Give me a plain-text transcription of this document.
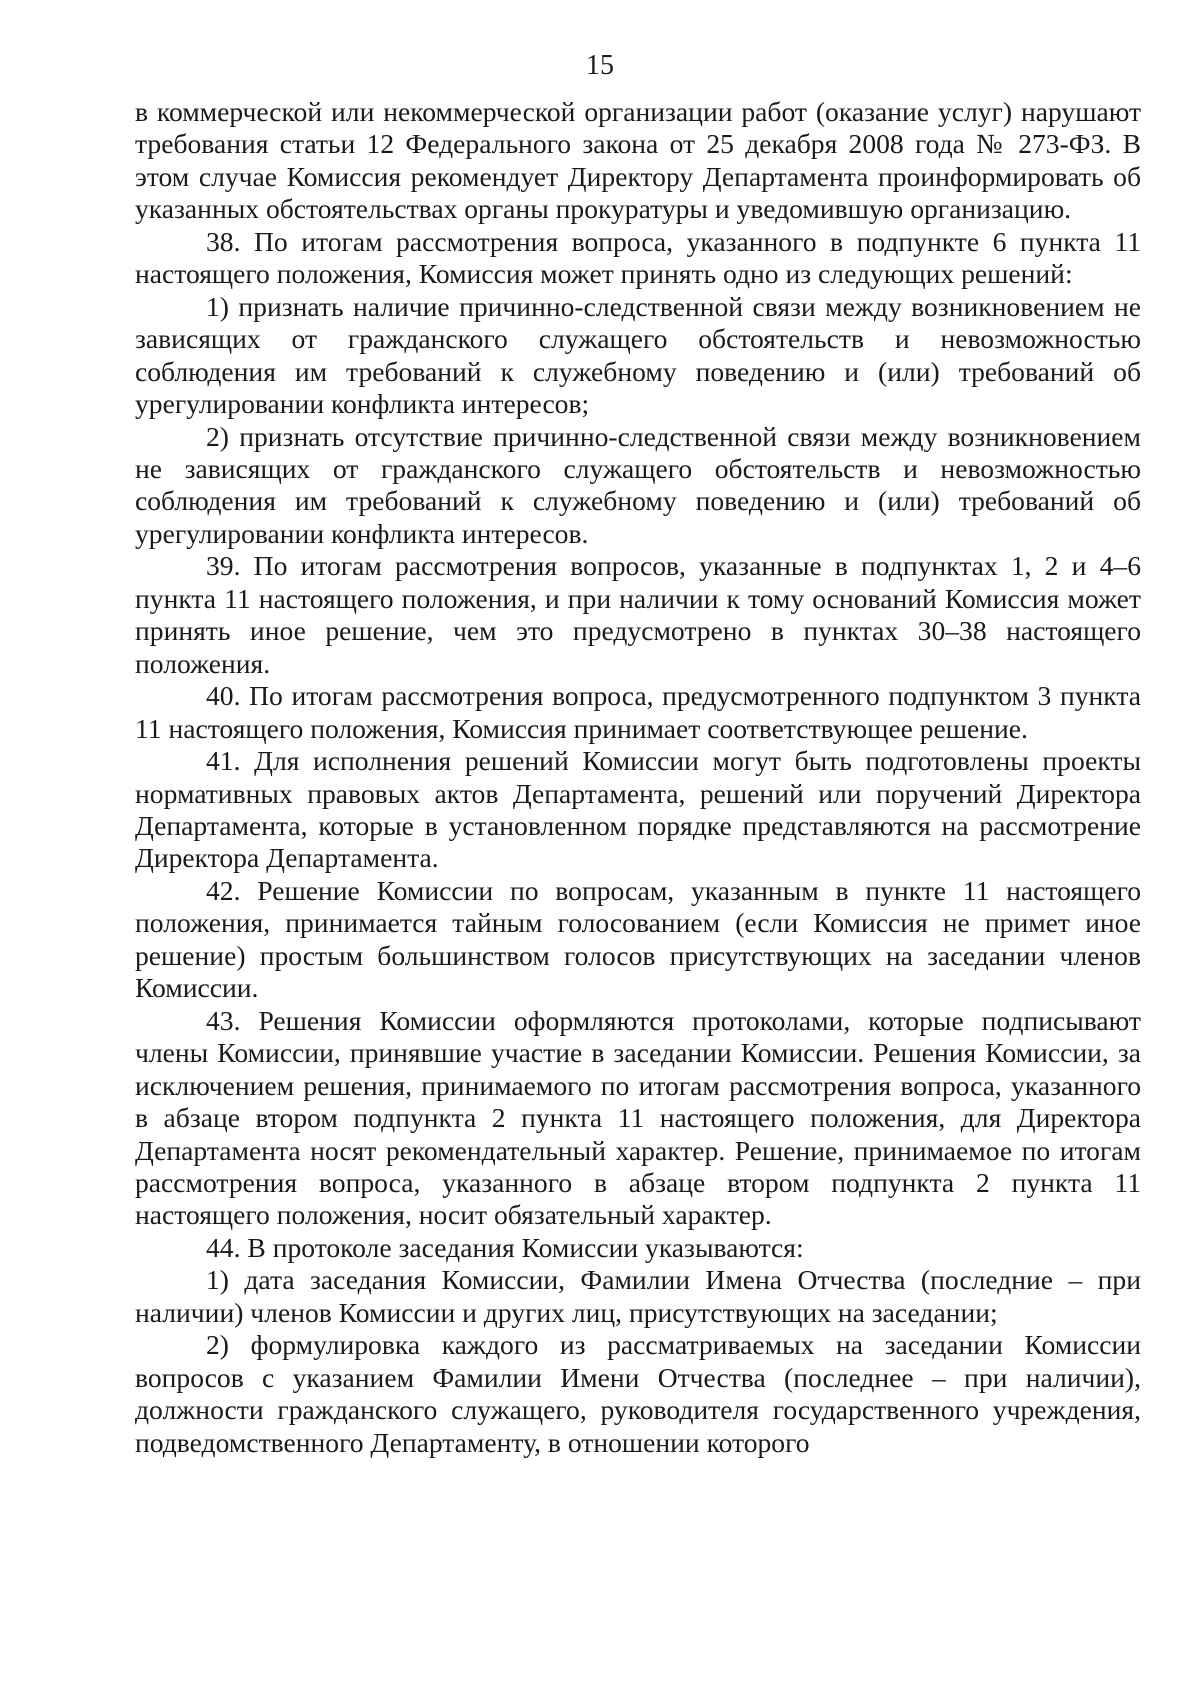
15

в коммерческой или некоммерческой организации работ (оказание услуг) нарушают требования статьи 12 Федерального закона от 25 декабря 2008 года № 273-ФЗ. В этом случае Комиссия рекомендует Директору Департамента проинформировать об указанных обстоятельствах органы прокуратуры и уведомившую организацию.

38. По итогам рассмотрения вопроса, указанного в подпункте 6 пункта 11 настоящего положения, Комиссия может принять одно из следующих решений:

1) признать наличие причинно-следственной связи между возникновением не зависящих от гражданского служащего обстоятельств и невозможностью соблюдения им требований к служебному поведению и (или) требований об урегулировании конфликта интересов;

2) признать отсутствие причинно-следственной связи между возникновением не зависящих от гражданского служащего обстоятельств и невозможностью соблюдения им требований к служебному поведению и (или) требований об урегулировании конфликта интересов.

39. По итогам рассмотрения вопросов, указанные в подпунктах 1, 2 и 4–6 пункта 11 настоящего положения, и при наличии к тому оснований Комиссия может принять иное решение, чем это предусмотрено в пунктах 30–38 настоящего положения.

40. По итогам рассмотрения вопроса, предусмотренного подпунктом 3 пункта 11 настоящего положения, Комиссия принимает соответствующее решение.

41. Для исполнения решений Комиссии могут быть подготовлены проекты нормативных правовых актов Департамента, решений или поручений Директора Департамента, которые в установленном порядке представляются на рассмотрение Директора Департамента.

42. Решение Комиссии по вопросам, указанным в пункте 11 настоящего положения, принимается тайным голосованием (если Комиссия не примет иное решение) простым большинством голосов присутствующих на заседании членов Комиссии.

43. Решения Комиссии оформляются протоколами, которые подписывают члены Комиссии, принявшие участие в заседании Комиссии. Решения Комиссии, за исключением решения, принимаемого по итогам рассмотрения вопроса, указанного в абзаце втором подпункта 2 пункта 11 настоящего положения, для Директора Департамента носят рекомендательный характер. Решение, принимаемое по итогам рассмотрения вопроса, указанного в абзаце втором подпункта 2 пункта 11 настоящего положения, носит обязательный характер.

44. В протоколе заседания Комиссии указываются:

1) дата заседания Комиссии, Фамилии Имена Отчества (последние – при наличии) членов Комиссии и других лиц, присутствующих на заседании;

2) формулировка каждого из рассматриваемых на заседании Комиссии вопросов с указанием Фамилии Имени Отчества (последнее – при наличии), должности гражданского служащего, руководителя государственного учреждения, подведомственного Департаменту, в отношении которого
